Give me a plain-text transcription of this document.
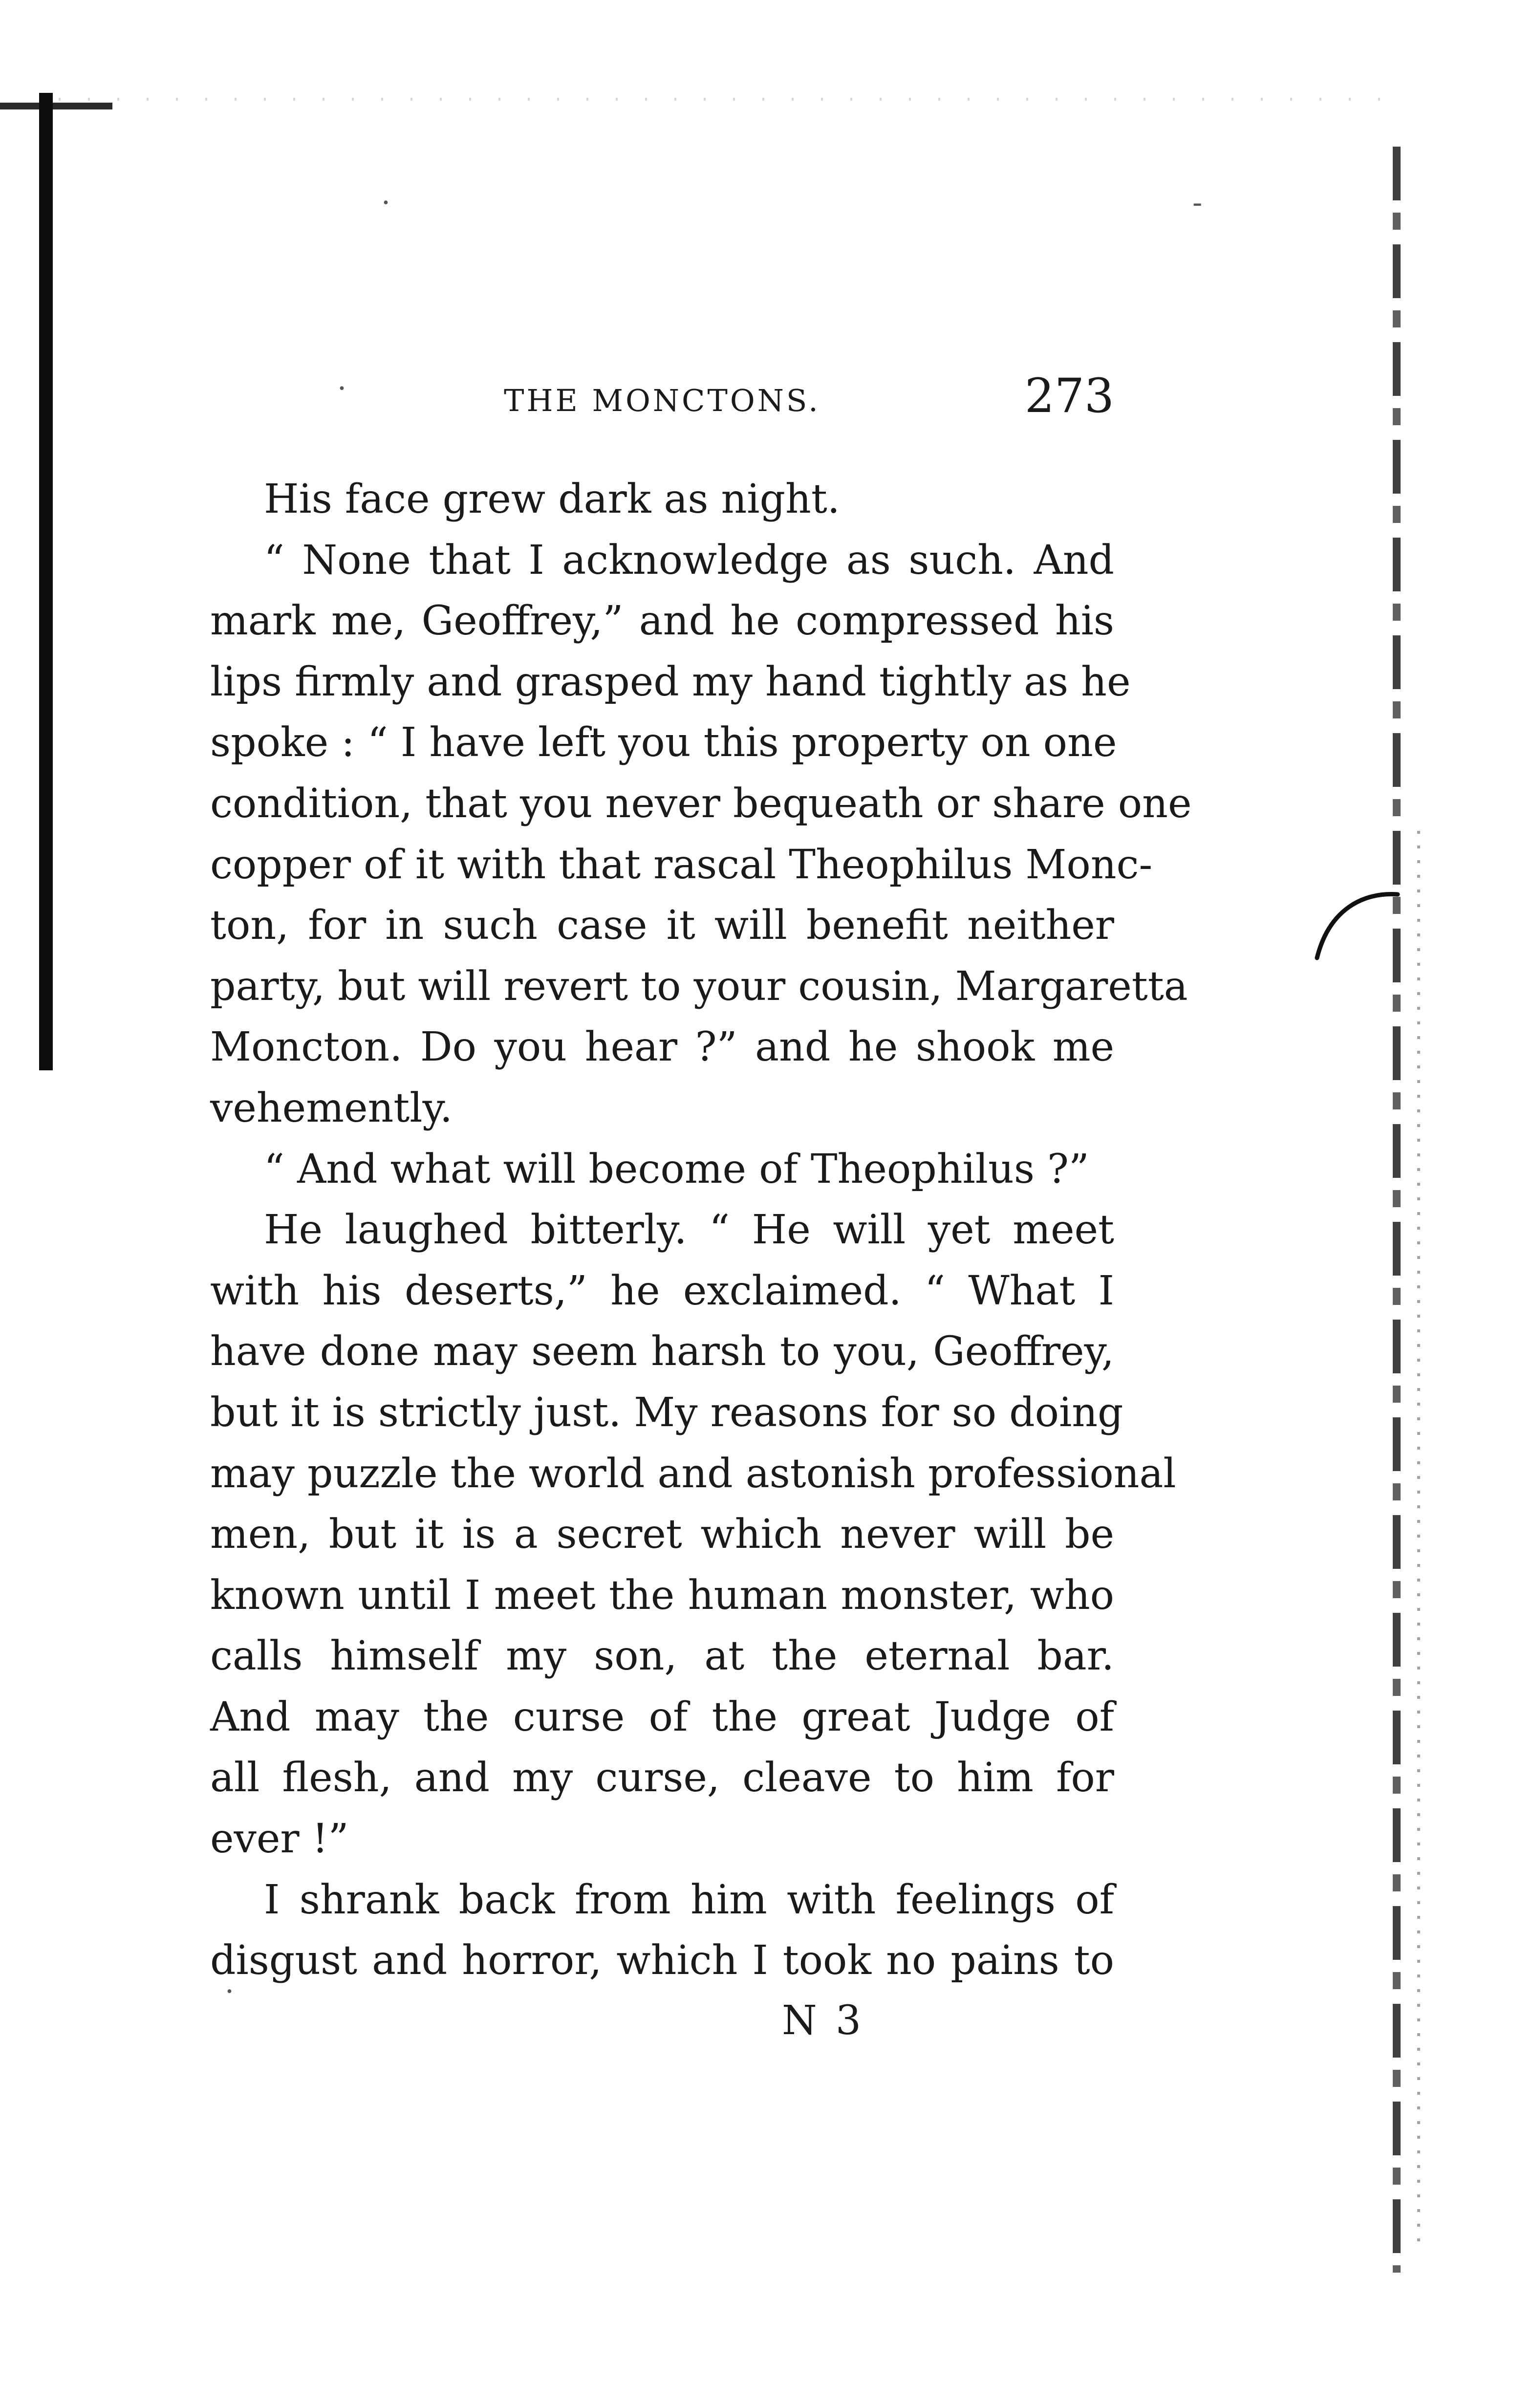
·	-
·
·
THE MONCTONS.	273
His face grew dark as night.
“ None that I acknowledge as such. And
mark me, Geoffrey,” and he compressed his
lips firmly and grasped my hand tightly as he
spoke : “ I have left you this property on one
condition, that you never bequeath or share one
copper of it with that rascal Theophilus Monc-
ton, for in such case it will benefit neither
party, but will revert to your cousin, Margaretta
Moncton. Do you hear ?” and he shook me
vehemently.
“ And what will become of Theophilus ?”
He laughed bitterly. “ He will yet meet
with his deserts,” he exclaimed. “ What I
have done may seem harsh to you, Geoffrey,
but it is strictly just. My reasons for so doing
may puzzle the world and astonish professional
men, but it is a secret which never will be
known until I meet the human monster, who
calls himself my son, at the eternal bar.
And may the curse of the great Judge of
all flesh, and my curse, cleave to him for
ever !”
I shrank back from him with feelings of
disgust and horror, which I took no pains to
N 3
